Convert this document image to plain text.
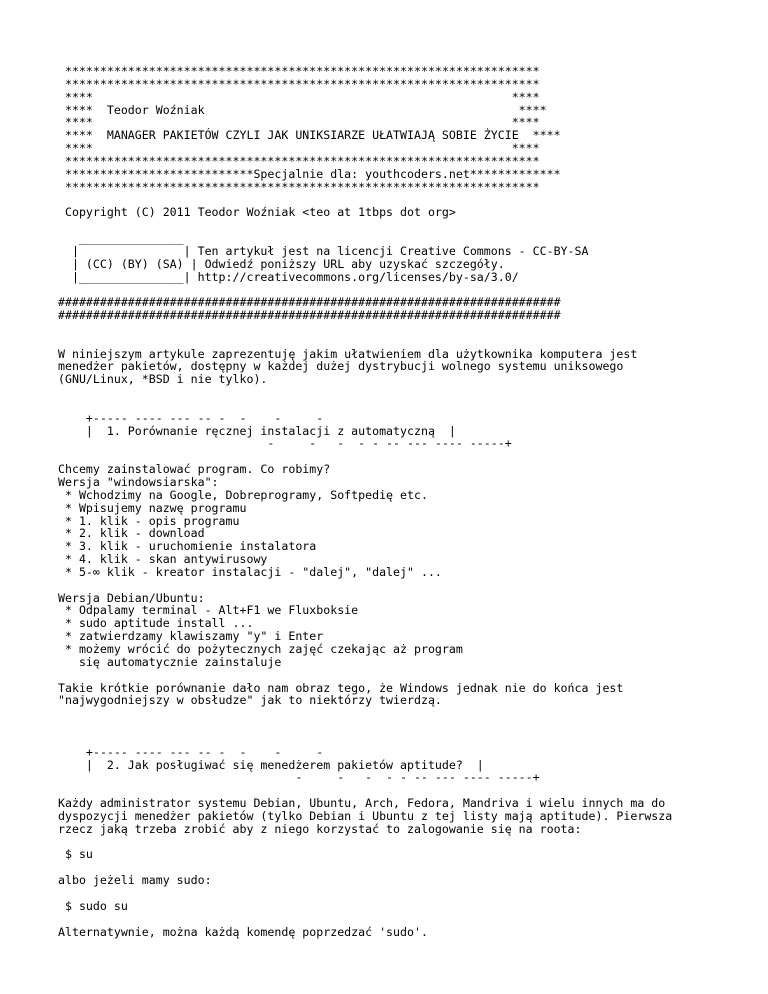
********************************************************************
********************************************************************
****                                                            ****
****  Teodor Woźniak                                             ****
****                                                            ****
****  MANAGER PAKIETÓW CZYLI JAK UNIKSIARZE UŁATWIAJĄ SOBIE ŻYCIE  ****
****                                                            ****
********************************************************************
***************************Specjalnie dla: youthcoders.net*************
********************************************************************

Copyright (C) 2011 Teodor Woźniak <teo at 1tbps dot org>

_______________
|               | Ten artykuł jest na licencji Creative Commons - CC-BY-SA
| (CC) (BY) (SA) | Odwiedź poniższy URL aby uzyskać szczegóły.
|_______________| http://creativecommons.org/licenses/by-sa/3.0/

########################################################################
########################################################################

W niniejszym artykule zaprezentuję jakim ułatwieniem dla użytkownika komputera jest
menedżer pakietów, dostępny w każdej dużej dystrybucji wolnego systemu uniksowego
(GNU/Linux, *BSD i nie tylko).

+----- ---- --- -- -  -    -     -
|  1. Porównanie ręcznej instalacji z automatyczną  |
-     -   -  - - -- --- ---- -----+

Chcemy zainstalować program. Co robimy?
Wersja "windowsiarska":
* Wchodzimy na Google, Dobreprogramy, Softpedię etc.
* Wpisujemy nazwę programu
* 1. klik - opis programu
* 2. klik - download
* 3. klik - uruchomienie instalatora
* 4. klik - skan antywirusowy
* 5-∞ klik - kreator instalacji - "dalej", "dalej" ...

Wersja Debian/Ubuntu:
* Odpalamy terminal - Alt+F1 we Fluxboksie
* sudo aptitude install ...
* zatwierdzamy klawiszamy "y" i Enter
* możemy wrócić do pożytecznych zajęć czekając aż program
się automatycznie zainstaluje

Takie krótkie porównanie dało nam obraz tego, że Windows jednak nie do końca jest
"najwygodniejszy w obsłudze" jak to niektórzy twierdzą.

+----- ---- --- -- -  -    -     -
|  2. Jak posługiwać się menedżerem pakietów aptitude?  |
-     -   -  - - -- --- ---- -----+

Każdy administrator systemu Debian, Ubuntu, Arch, Fedora, Mandriva i wielu innych ma do
dyspozycji menedżer pakietów (tylko Debian i Ubuntu z tej listy mają aptitude). Pierwsza
rzecz jaką trzeba zrobić aby z niego korzystać to zalogowanie się na roota:

$ su

albo jeżeli mamy sudo:

$ sudo su

Alternatywnie, można każdą komendę poprzedzać 'sudo'.
